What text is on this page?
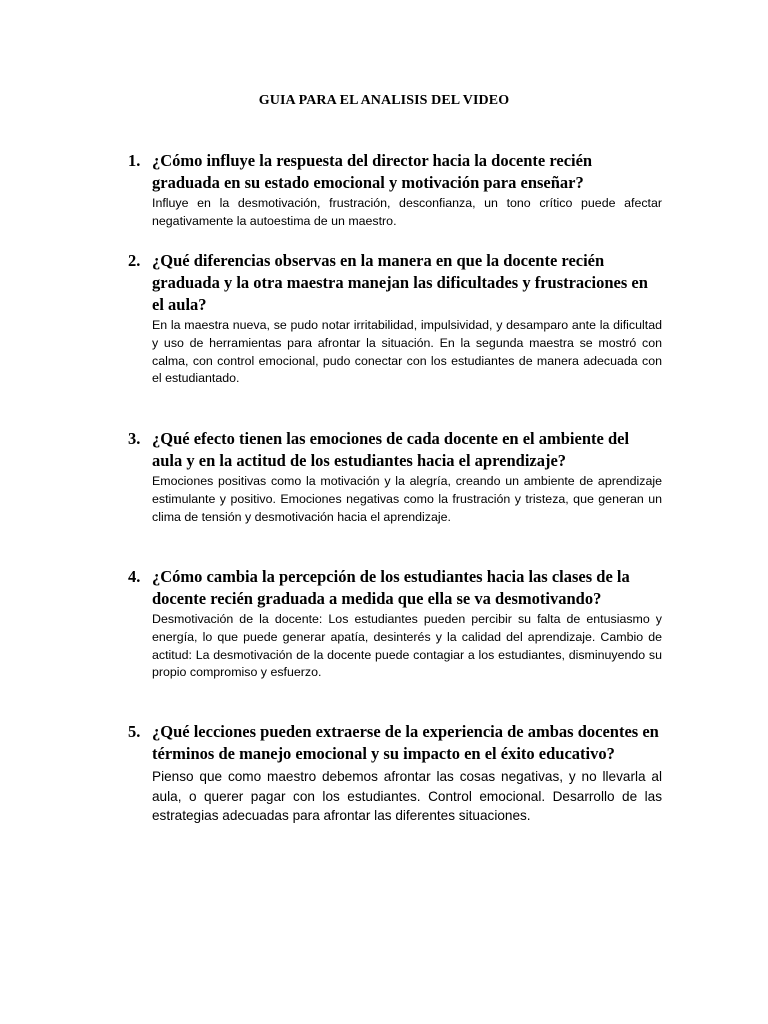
GUIA PARA EL ANALISIS DEL VIDEO
1. ¿Cómo influye la respuesta del director hacia la docente recién graduada en su estado emocional y motivación para enseñar?
Influye en la desmotivación, frustración, desconfianza, un tono crítico puede afectar negativamente la autoestima de un maestro.
2. ¿Qué diferencias observas en la manera en que la docente recién graduada y la otra maestra manejan las dificultades y frustraciones en el aula?
En la maestra nueva, se pudo notar irritabilidad, impulsividad, y desamparo ante la dificultad y uso de herramientas para afrontar la situación. En la segunda maestra se mostró con calma, con control emocional, pudo conectar con los estudiantes de manera adecuada con el estudiantado.
3. ¿Qué efecto tienen las emociones de cada docente en el ambiente del aula y en la actitud de los estudiantes hacia el aprendizaje?
Emociones positivas como la motivación y la alegría, creando un ambiente de aprendizaje estimulante y positivo. Emociones negativas como la frustración y tristeza, que generan un clima de tensión y desmotivación hacia el aprendizaje.
4. ¿Cómo cambia la percepción de los estudiantes hacia las clases de la docente recién graduada a medida que ella se va desmotivando?
Desmotivación de la docente: Los estudiantes pueden percibir su falta de entusiasmo y energía, lo que puede generar apatía, desinterés y la calidad del aprendizaje. Cambio de actitud: La desmotivación de la docente puede contagiar a los estudiantes, disminuyendo su propio compromiso y esfuerzo.
5. ¿Qué lecciones pueden extraerse de la experiencia de ambas docentes en términos de manejo emocional y su impacto en el éxito educativo?
Pienso que como maestro debemos afrontar las cosas negativas, y no llevarla al aula, o querer pagar con los estudiantes. Control emocional. Desarrollo de las estrategias adecuadas para afrontar las diferentes situaciones.
